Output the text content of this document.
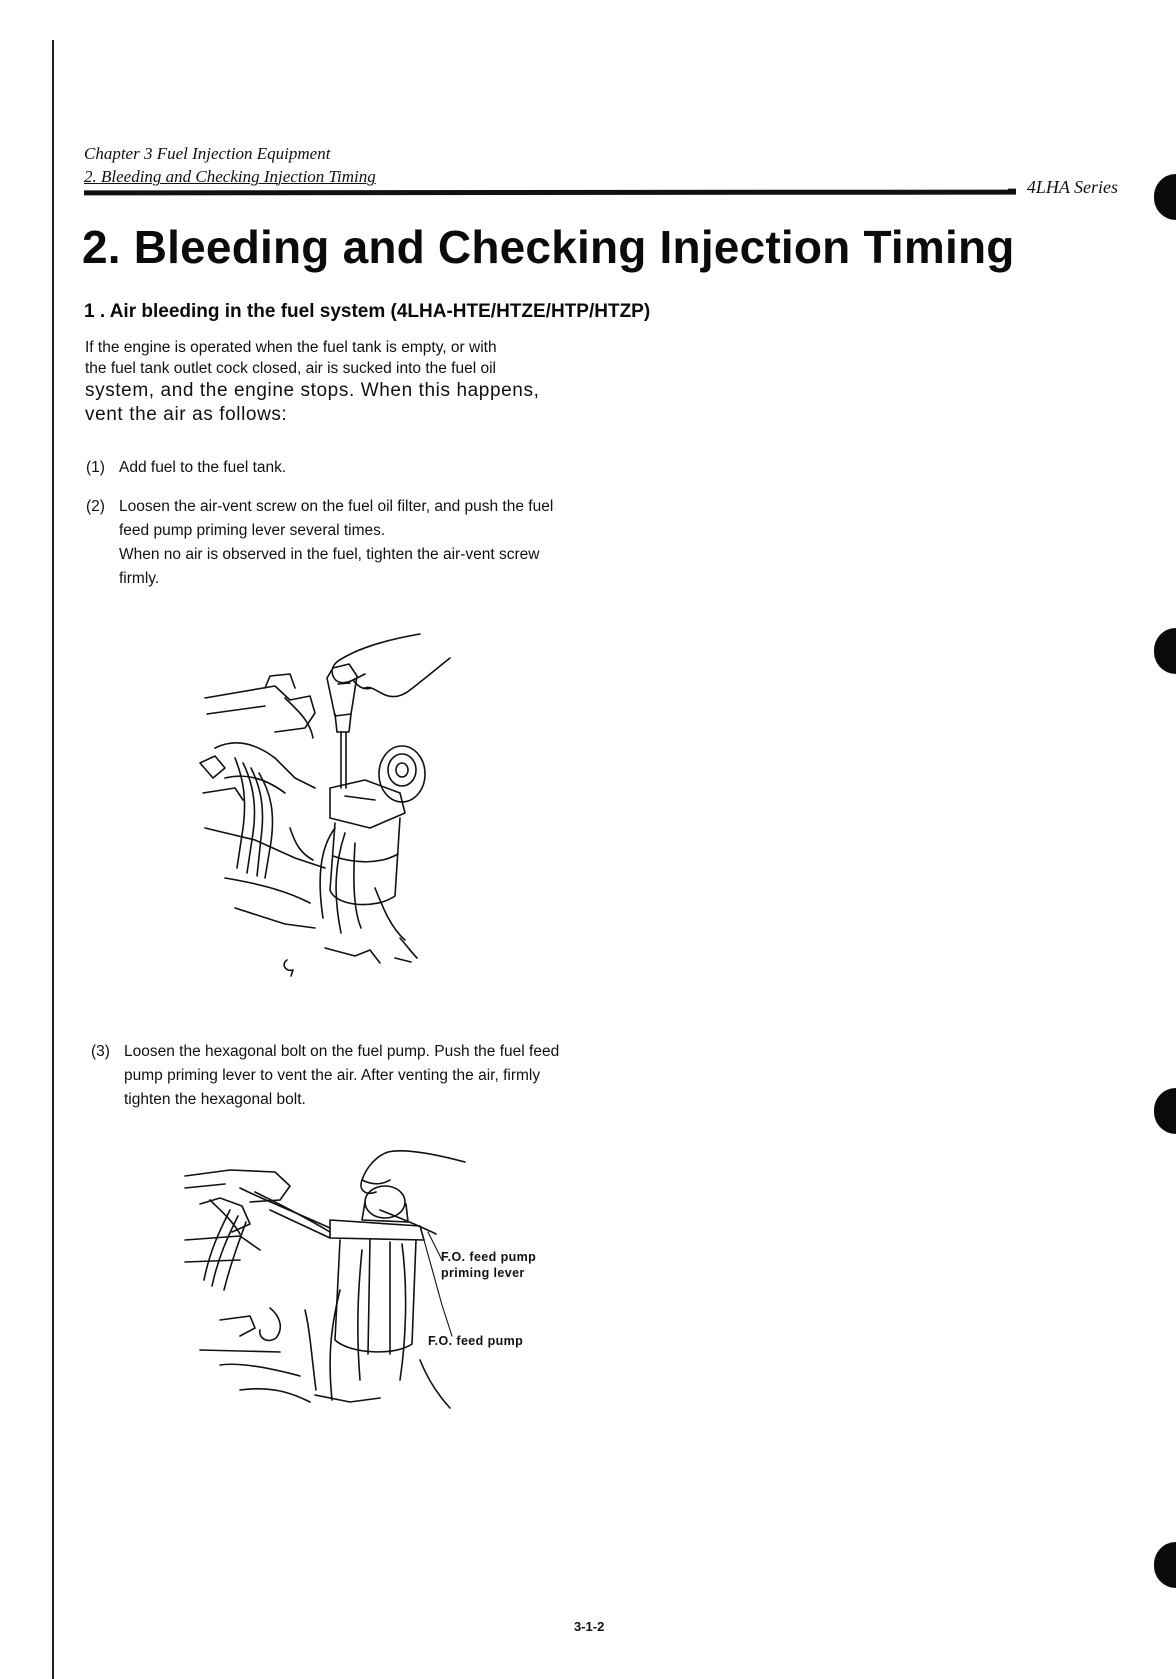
Chapter 3 Fuel Injection Equipment
2. Bleeding and Checking Injection Timing
4LHA Series
2. Bleeding and Checking Injection Timing
1 . Air bleeding in the fuel system (4LHA-HTE/HTZE/HTP/HTZP)
If the engine is operated when the fuel tank is empty, or with
the fuel tank outlet cock closed, air is sucked into the fuel oil
system, and the engine stops. When this happens,
vent the air as follows:
(1) Add fuel to the fuel tank.
(2) Loosen the air-vent screw on the fuel oil filter, and push the fuel feed pump priming lever several times.
When no air is observed in the fuel, tighten the air-vent screw firmly.
(3) Loosen the hexagonal bolt on the fuel pump. Push the fuel feed pump priming lever to vent the air. After venting the air, firmly tighten the hexagonal bolt.
F.O. feed pump
priming lever
F.O. feed pump
3-1-2
